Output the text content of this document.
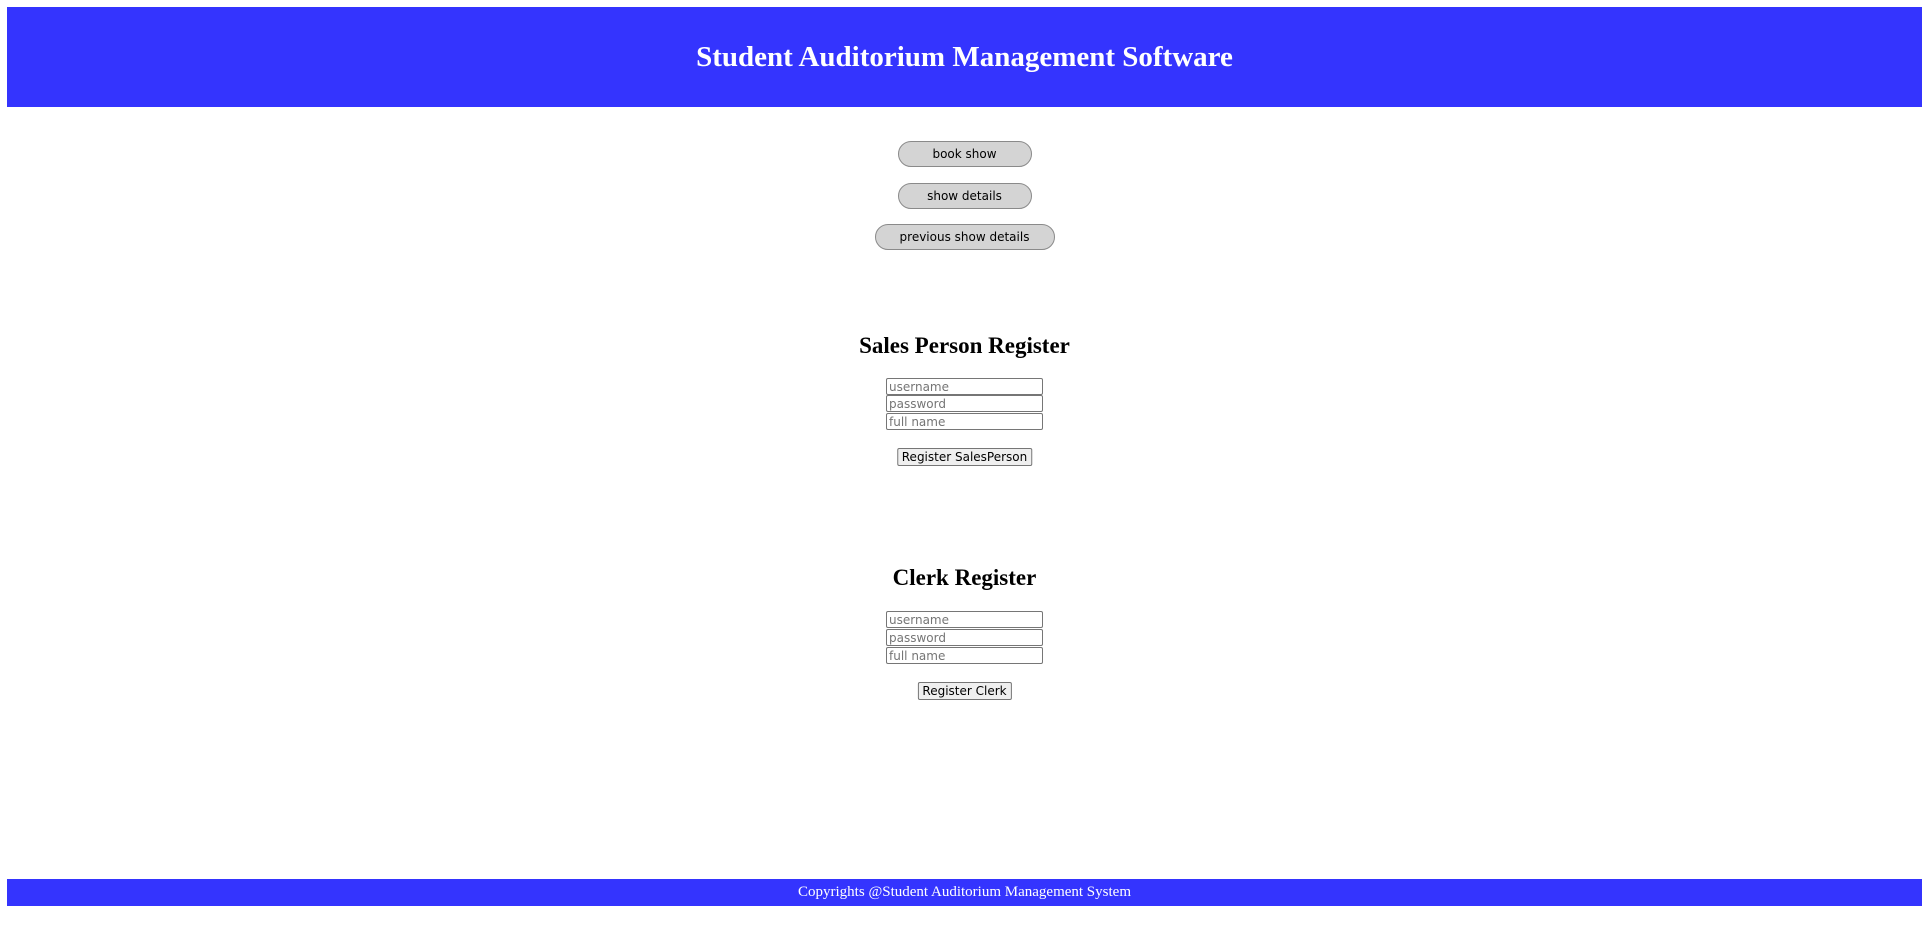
Student Auditorium Management Software
book show
show details
previous show details
Sales Person Register
username
full name
Register SalesPerson
Clerk Register
username
full name
Register Clerk
Copyrights @Student Auditorium Management System
